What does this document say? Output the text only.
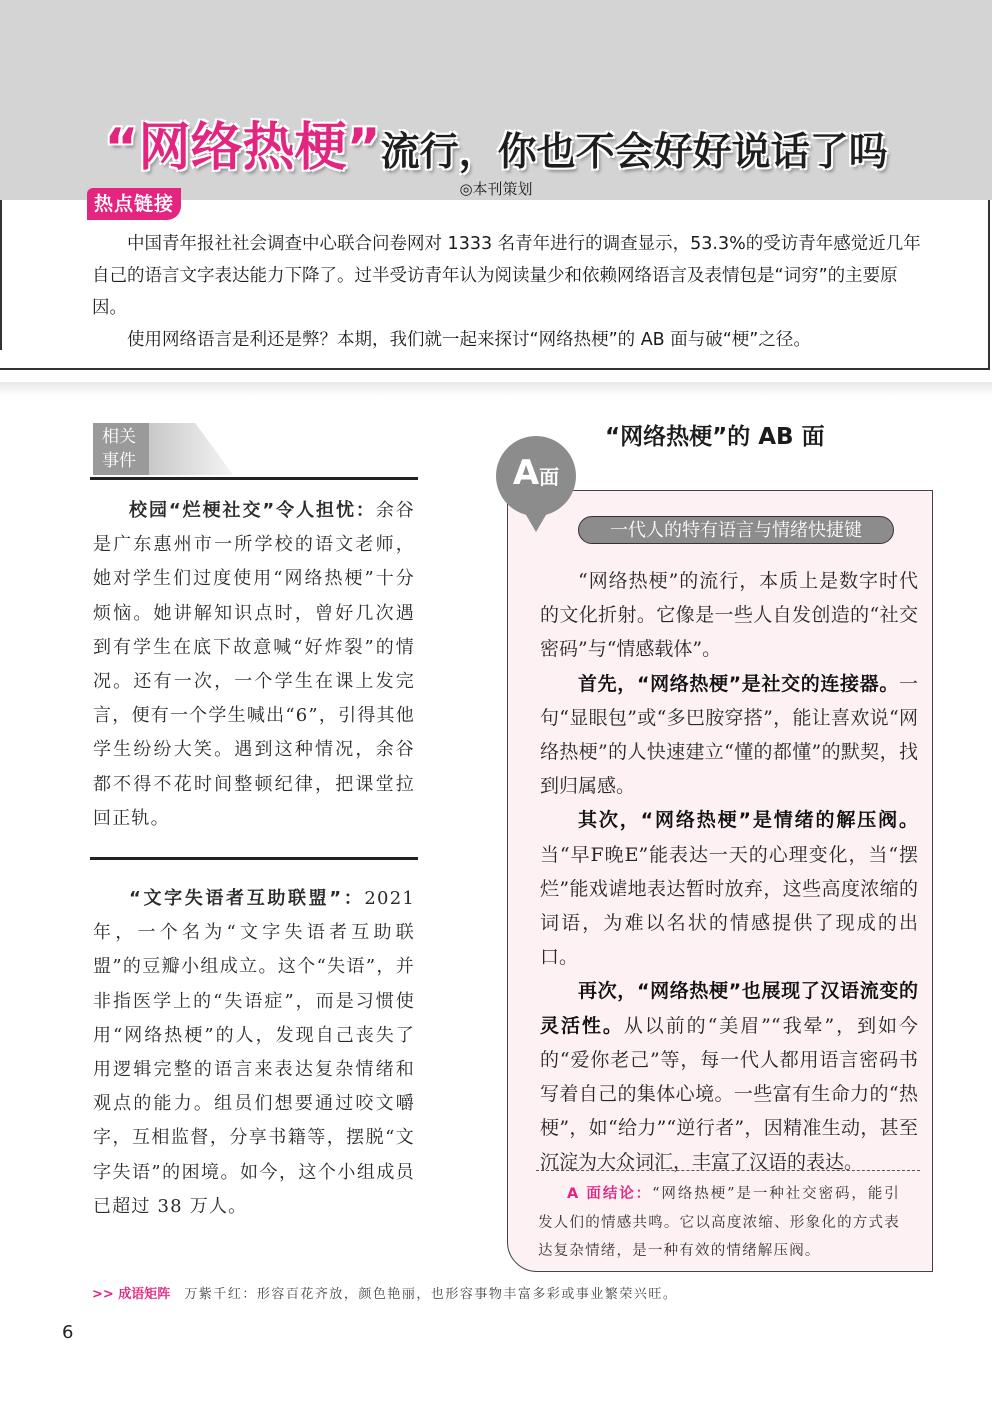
“网络热梗”流行，你也不会好好说话了吗
◎本刊策划
热点链接

中国青年报社社会调查中心联合问卷网对 1333 名青年进行的调查显示，53.3%的受访青年感觉近几年自己的语言文字表达能力下降了。过半受访青年认为阅读量少和依赖网络语言及表情包是“词穷”的主要原因。

使用网络语言是利还是弊？本期，我们就一起来探讨“网络热梗”的 AB 面与破“梗”之径。

相关
事件

校园“烂梗社交”令人担忧：余谷是广东惠州市一所学校的语文老师，她对学生们过度使用“网络热梗”十分烦恼。她讲解知识点时，曾好几次遇到有学生在底下故意喊“好炸裂”的情况。还有一次，一个学生在课上发完言，便有一个学生喊出“6”，引得其他学生纷纷大笑。遇到这种情况，余谷都不得不花时间整顿纪律，把课堂拉回正轨。

“文字失语者互助联盟”：2021年，一个名为“文字失语者互助联盟”的豆瓣小组成立。这个“失语”，并非指医学上的“失语症”，而是习惯使用“网络热梗”的人，发现自己丧失了用逻辑完整的语言来表达复杂情绪和观点的能力。组员们想要通过咬文嚼字，互相监督，分享书籍等，摆脱“文字失语”的困境。如今，这个小组成员已超过 38 万人。

“网络热梗”的 AB 面
A面
一代人的特有语言与情绪快捷键

“网络热梗”的流行，本质上是数字时代的文化折射。它像是一些人自发创造的“社交密码”与“情感载体”。

首先，“网络热梗”是社交的连接器。一句“显眼包”或“多巴胺穿搭”，能让喜欢说“网络热梗”的人快速建立“懂的都懂”的默契，找到归属感。

其次，“网络热梗”是情绪的解压阀。当“早F晚E”能表达一天的心理变化，当“摆烂”能戏谑地表达暂时放弃，这些高度浓缩的词语，为难以名状的情感提供了现成的出口。

再次，“网络热梗”也展现了汉语流变的灵活性。从以前的“美眉”“我晕”，到如今的“爱你老己”等，每一代人都用语言密码书写着自己的集体心境。一些富有生命力的“热梗”，如“给力”“逆行者”，因精准生动，甚至沉淀为大众词汇，丰富了汉语的表达。

A 面结论：“网络热梗”是一种社交密码，能引发人们的情感共鸣。它以高度浓缩、形象化的方式表达复杂情绪，是一种有效的情绪解压阀。
>> 成语矩阵 万紫千红：形容百花齐放，颜色艳丽，也形容事物丰富多彩或事业繁荣兴旺。
6
